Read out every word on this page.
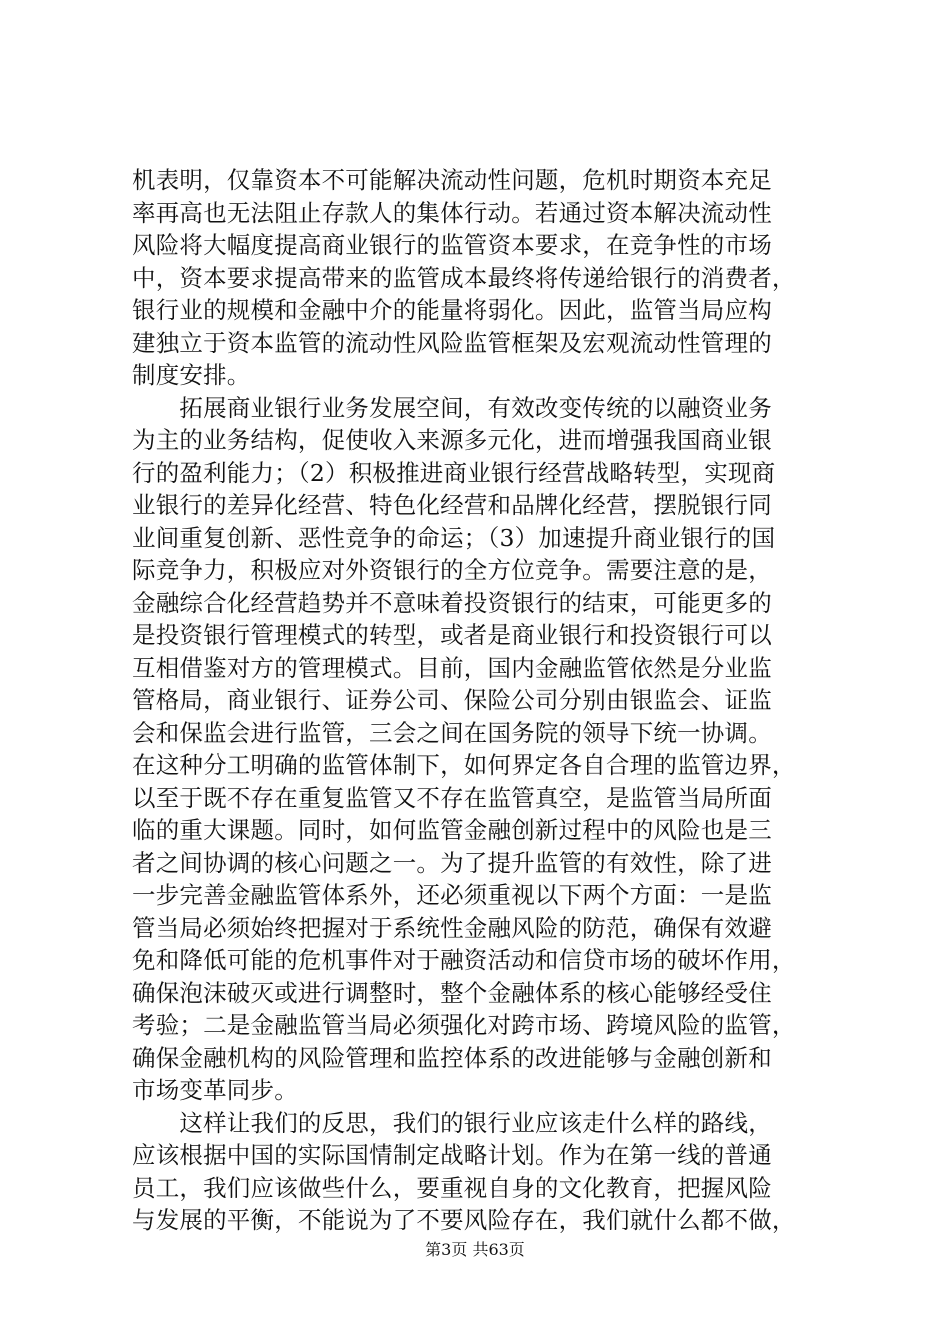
机表明，仅靠资本不可能解决流动性问题，危机时期资本充足
率再高也无法阻止存款人的集体行动。若通过资本解决流动性
风险将大幅度提高商业银行的监管资本要求，在竞争性的市场
中，资本要求提高带来的监管成本最终将传递给银行的消费者，
银行业的规模和金融中介的能量将弱化。因此，监管当局应构
建独立于资本监管的流动性风险监管框架及宏观流动性管理的
制度安排。
　　拓展商业银行业务发展空间，有效改变传统的以融资业务
为主的业务结构，促使收入来源多元化，进而增强我国商业银
行的盈利能力；（2）积极推进商业银行经营战略转型，实现商
业银行的差异化经营、特色化经营和品牌化经营，摆脱银行同
业间重复创新、恶性竞争的命运；（3）加速提升商业银行的国
际竞争力，积极应对外资银行的全方位竞争。需要注意的是，
金融综合化经营趋势并不意味着投资银行的结束，可能更多的
是投资银行管理模式的转型，或者是商业银行和投资银行可以
互相借鉴对方的管理模式。目前，国内金融监管依然是分业监
管格局，商业银行、证券公司、保险公司分别由银监会、证监
会和保监会进行监管，三会之间在国务院的领导下统一协调。
在这种分工明确的监管体制下，如何界定各自合理的监管边界，
以至于既不存在重复监管又不存在监管真空，是监管当局所面
临的重大课题。同时，如何监管金融创新过程中的风险也是三
者之间协调的核心问题之一。为了提升监管的有效性，除了进
一步完善金融监管体系外，还必须重视以下两个方面：一是监
管当局必须始终把握对于系统性金融风险的防范，确保有效避
免和降低可能的危机事件对于融资活动和信贷市场的破坏作用，
确保泡沫破灭或进行调整时，整个金融体系的核心能够经受住
考验；二是金融监管当局必须强化对跨市场、跨境风险的监管，
确保金融机构的风险管理和监控体系的改进能够与金融创新和
市场变革同步。
　　这样让我们的反思，我们的银行业应该走什么样的路线，
应该根据中国的实际国情制定战略计划。作为在第一线的普通
员工，我们应该做些什么，要重视自身的文化教育，把握风险
与发展的平衡，不能说为了不要风险存在，我们就什么都不做，
第3页 共63页
